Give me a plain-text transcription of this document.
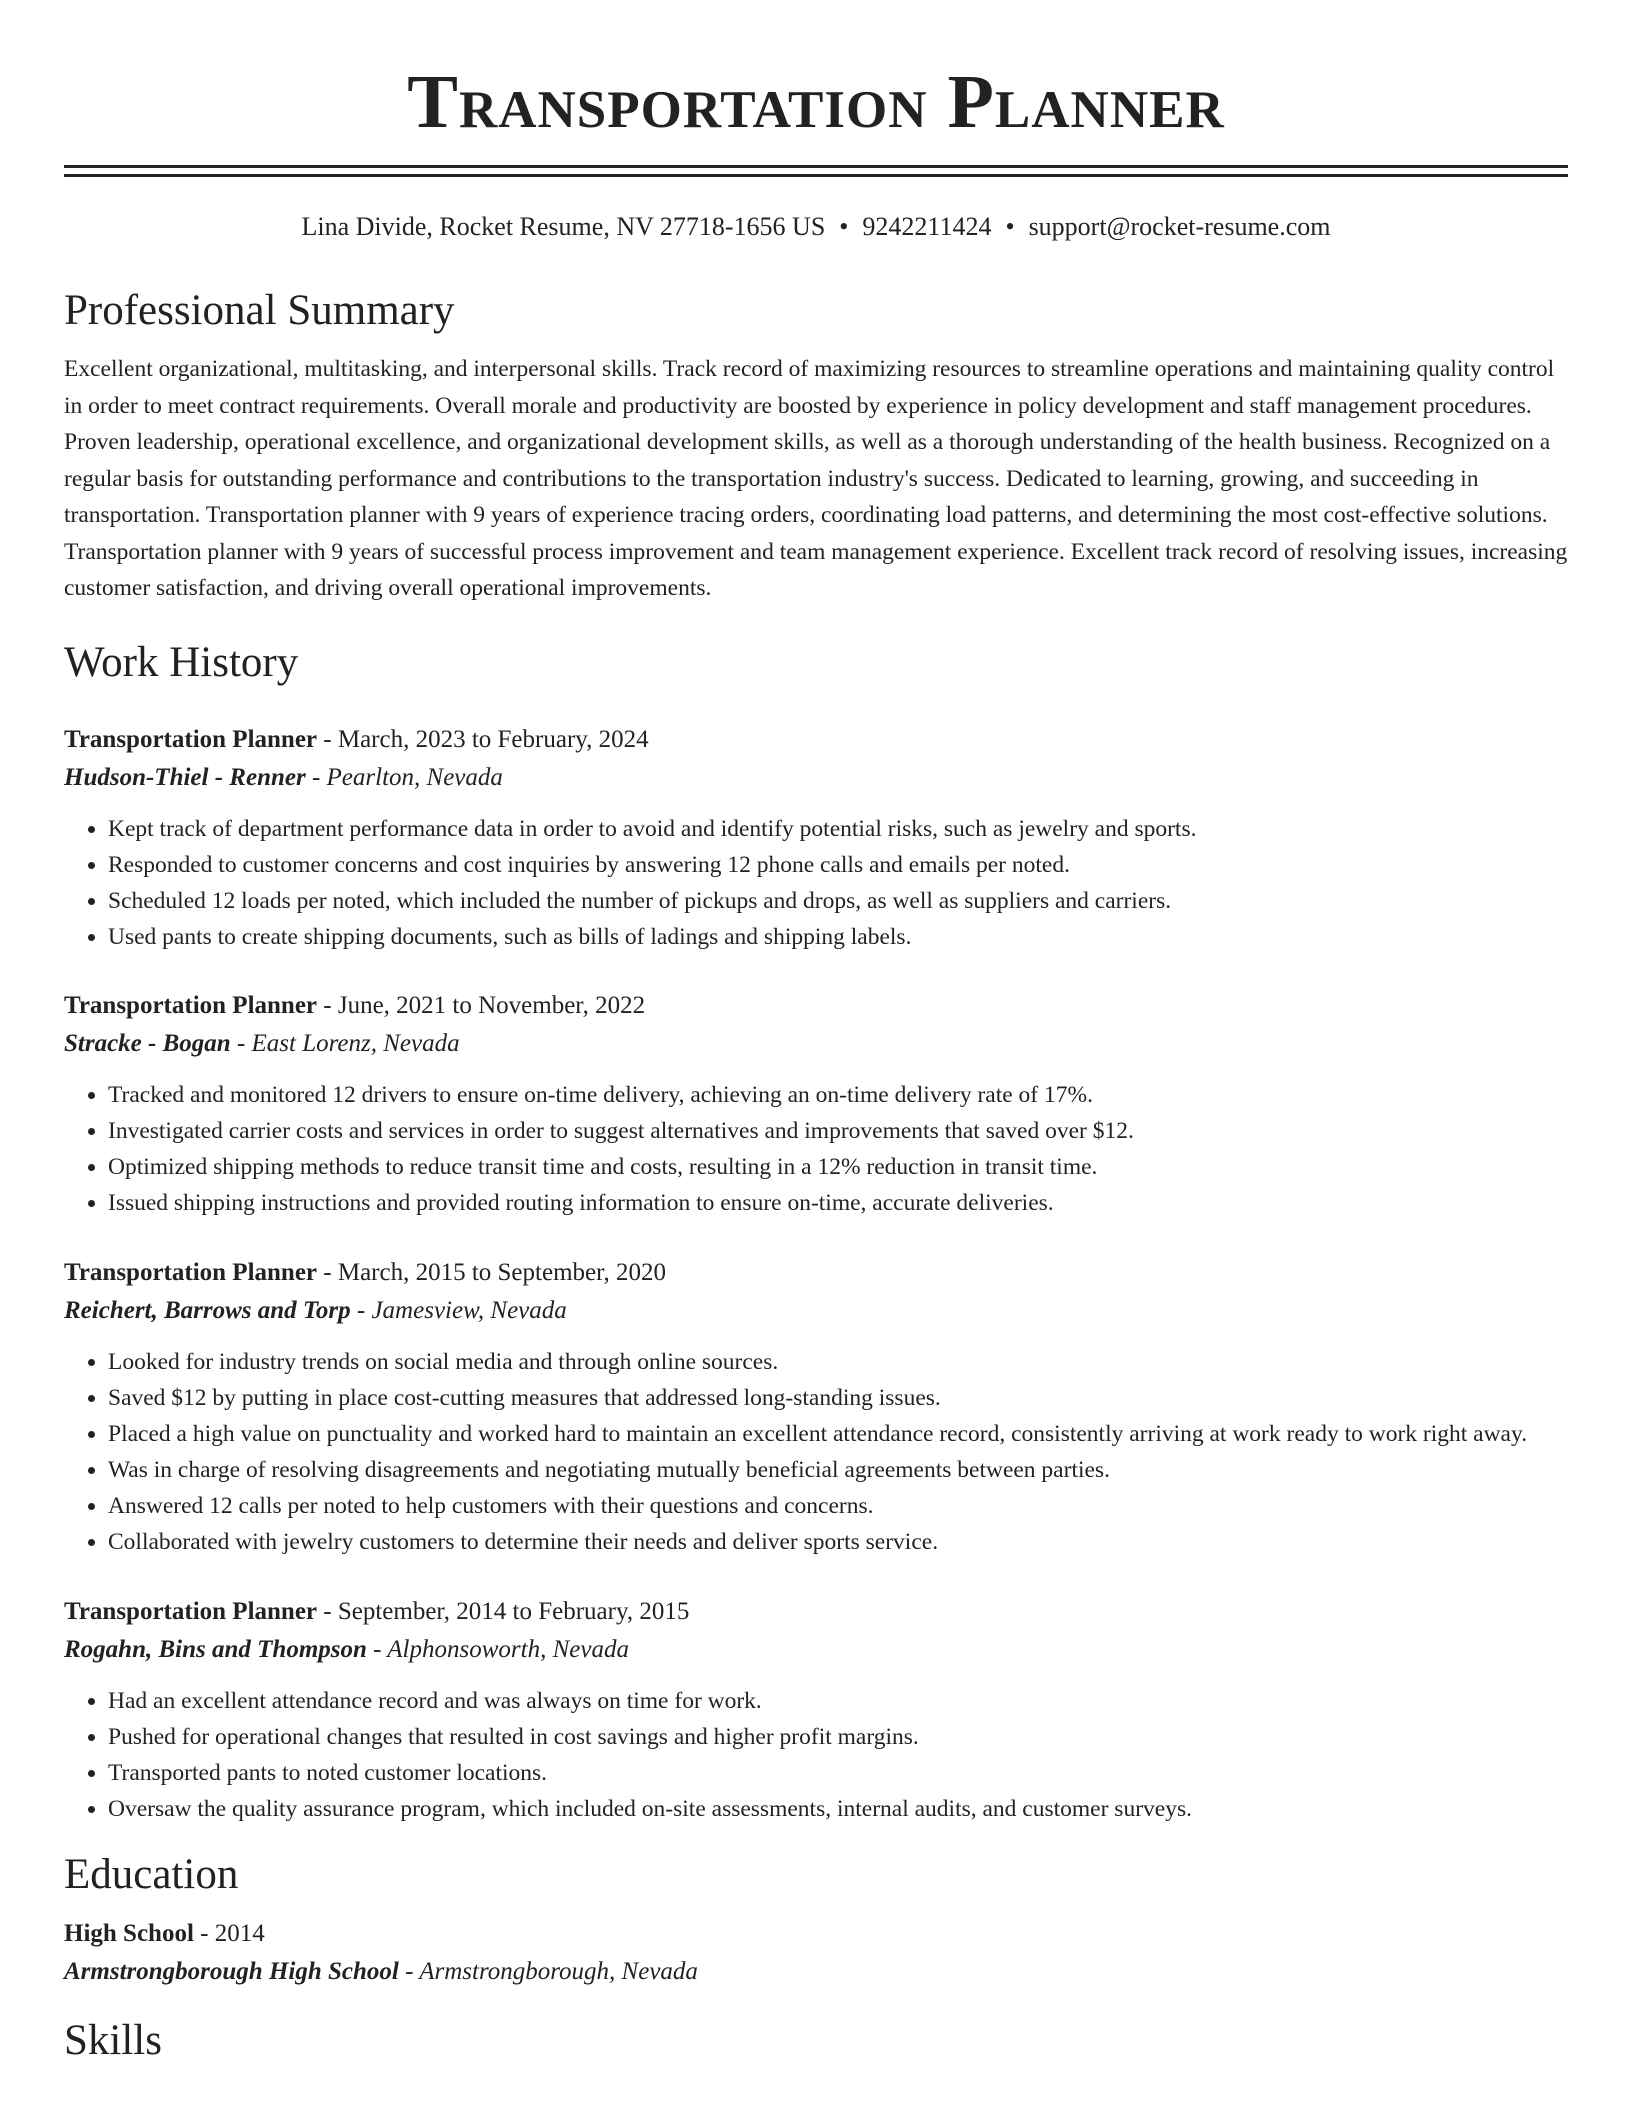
Transportation Planner
Lina Divide, Rocket Resume, NV 27718-1656 US • 9242211424 • support@rocket-resume.com
Professional Summary

Excellent organizational, multitasking, and interpersonal skills. Track record of maximizing resources to streamline operations and maintaining quality control in order to meet contract requirements. Overall morale and productivity are boosted by experience in policy development and staff management procedures. Proven leadership, operational excellence, and organizational development skills, as well as a thorough understanding of the health business. Recognized on a regular basis for outstanding performance and contributions to the transportation industry's success. Dedicated to learning, growing, and succeeding in transportation. Transportation planner with 9 years of experience tracing orders, coordinating load patterns, and determining the most cost-effective solutions. Transportation planner with 9 years of successful process improvement and team management experience. Excellent track record of resolving issues, increasing customer satisfaction, and driving overall operational improvements.

Work History
Transportation Planner - March, 2023 to February, 2024
Hudson-Thiel - Renner - Pearlton, Nevada
• Kept track of department performance data in order to avoid and identify potential risks, such as jewelry and sports.
• Responded to customer concerns and cost inquiries by answering 12 phone calls and emails per noted.
• Scheduled 12 loads per noted, which included the number of pickups and drops, as well as suppliers and carriers.
• Used pants to create shipping documents, such as bills of ladings and shipping labels.
Transportation Planner - June, 2021 to November, 2022
Stracke - Bogan - East Lorenz, Nevada
• Tracked and monitored 12 drivers to ensure on-time delivery, achieving an on-time delivery rate of 17%.
• Investigated carrier costs and services in order to suggest alternatives and improvements that saved over $12.
• Optimized shipping methods to reduce transit time and costs, resulting in a 12% reduction in transit time.
• Issued shipping instructions and provided routing information to ensure on-time, accurate deliveries.
Transportation Planner - March, 2015 to September, 2020
Reichert, Barrows and Torp - Jamesview, Nevada
• Looked for industry trends on social media and through online sources.
• Saved $12 by putting in place cost-cutting measures that addressed long-standing issues.
• Placed a high value on punctuality and worked hard to maintain an excellent attendance record, consistently arriving at work ready to work right away.
• Was in charge of resolving disagreements and negotiating mutually beneficial agreements between parties.
• Answered 12 calls per noted to help customers with their questions and concerns.
• Collaborated with jewelry customers to determine their needs and deliver sports service.
Transportation Planner - September, 2014 to February, 2015
Rogahn, Bins and Thompson - Alphonsoworth, Nevada
• Had an excellent attendance record and was always on time for work.
• Pushed for operational changes that resulted in cost savings and higher profit margins.
• Transported pants to noted customer locations.
• Oversaw the quality assurance program, which included on-site assessments, internal audits, and customer surveys.
Education
High School - 2014
Armstrongborough High School - Armstrongborough, Nevada
Skills
